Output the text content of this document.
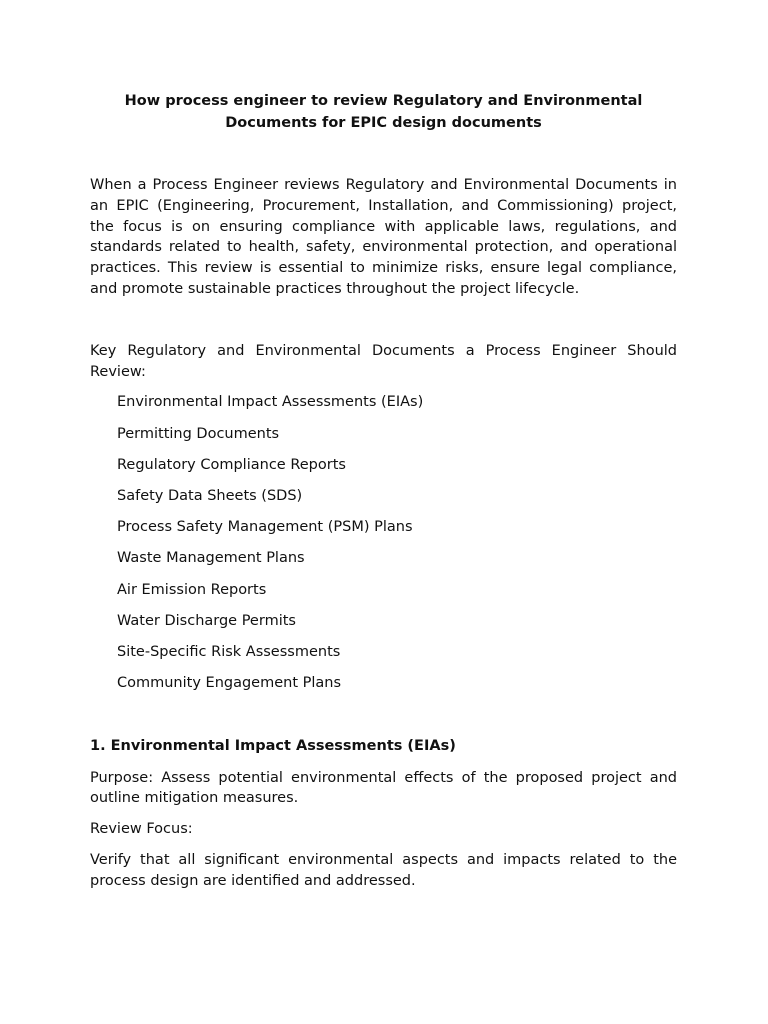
How process engineer to review Regulatory and Environmental Documents for EPIC design documents

When a Process Engineer reviews Regulatory and Environmental Documents in an EPIC (Engineering, Procurement, Installation, and Commissioning) project, the focus is on ensuring compliance with applicable laws, regulations, and standards related to health, safety, environmental protection, and operational practices. This review is essential to minimize risks, ensure legal compliance, and promote sustainable practices throughout the project lifecycle.

Key Regulatory and Environmental Documents a Process Engineer Should Review:

Environmental Impact Assessments (EIAs)
Permitting Documents
Regulatory Compliance Reports
Safety Data Sheets (SDS)
Process Safety Management (PSM) Plans
Waste Management Plans
Air Emission Reports
Water Discharge Permits
Site-Specific Risk Assessments
Community Engagement Plans

1. Environmental Impact Assessments (EIAs)

Purpose: Assess potential environmental effects of the proposed project and outline mitigation measures.

Review Focus:

Verify that all significant environmental aspects and impacts related to the process design are identified and addressed.
